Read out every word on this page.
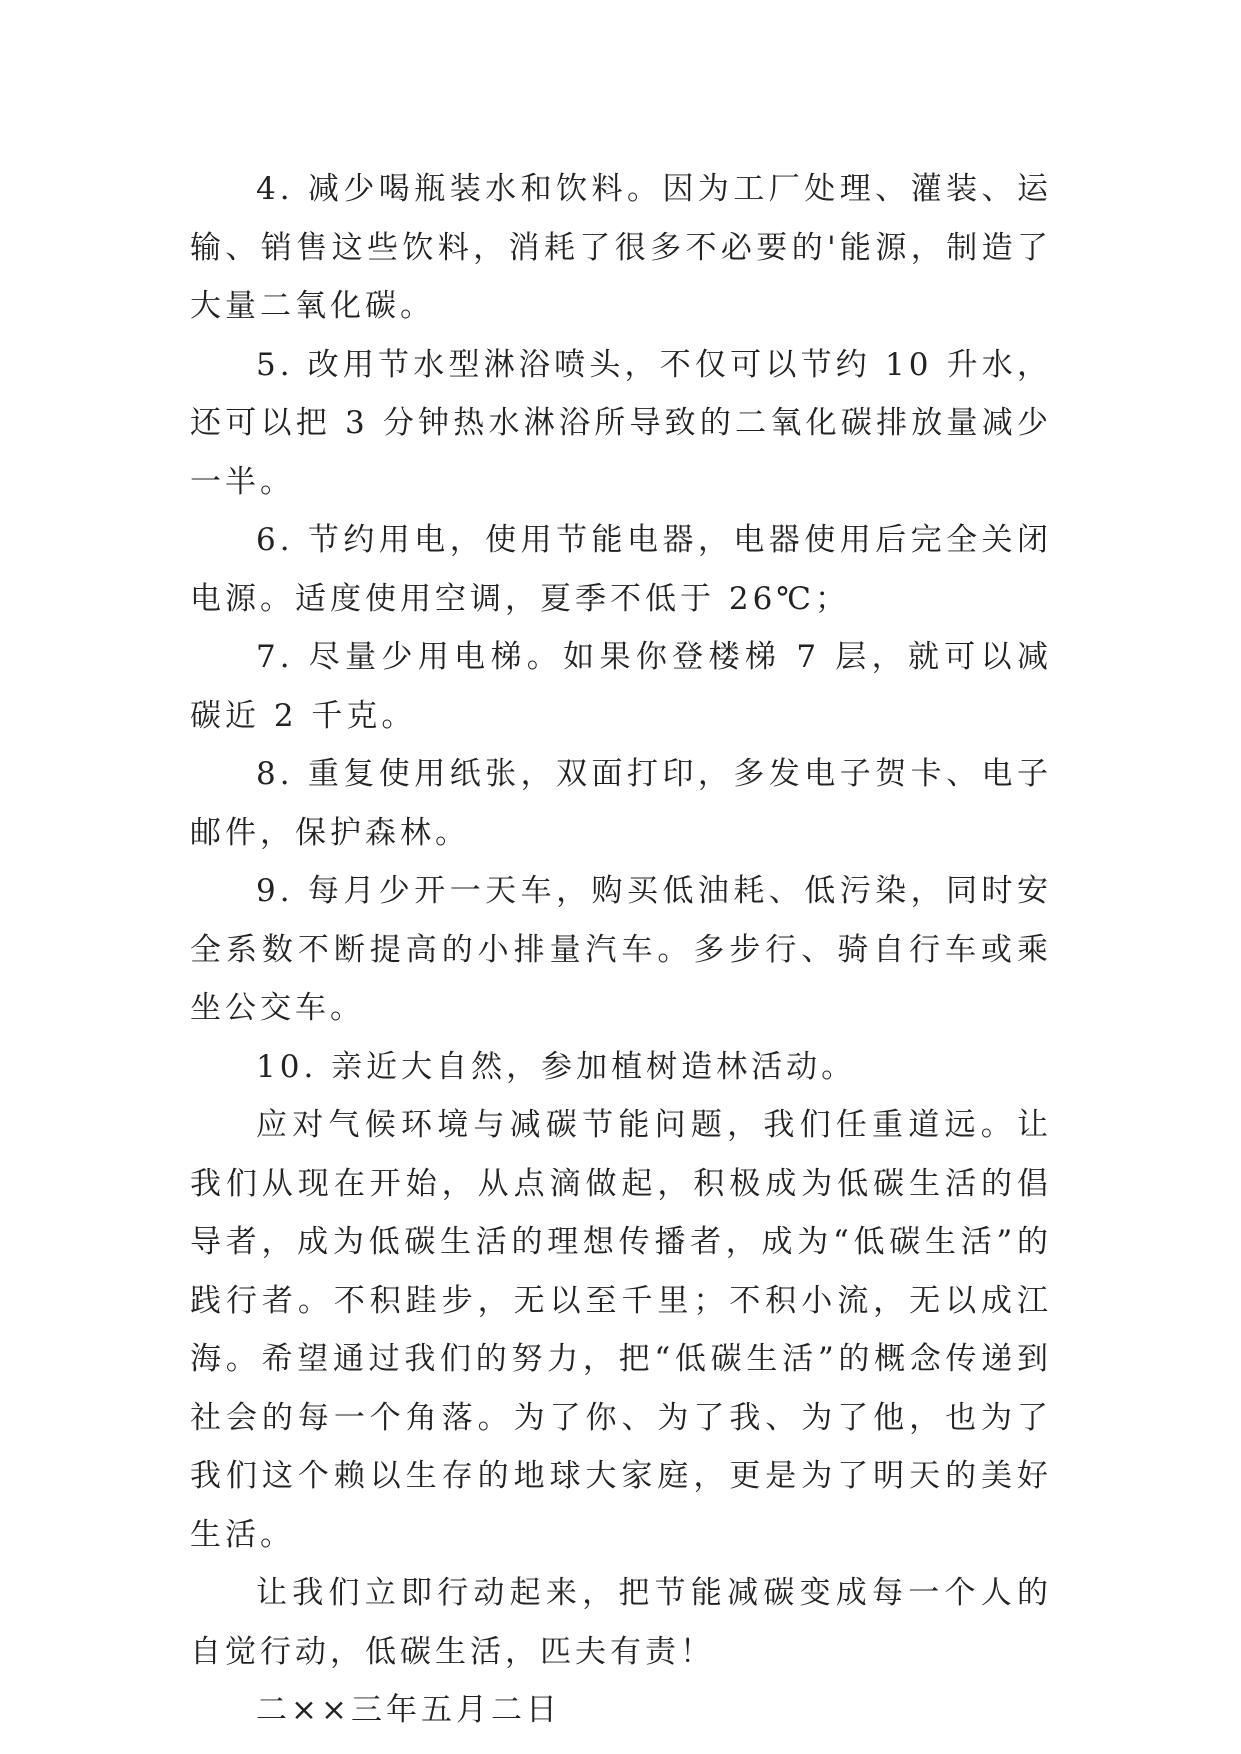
4. 减少喝瓶装水和饮料。因为工厂处理、灌装、运输、销售这些饮料，消耗了很多不必要的'能源，制造了大量二氧化碳。

5. 改用节水型淋浴喷头，不仅可以节约 10 升水，还可以把 3 分钟热水淋浴所导致的二氧化碳排放量减少一半。

6. 节约用电，使用节能电器，电器使用后完全关闭电源。适度使用空调，夏季不低于 26℃；

7. 尽量少用电梯。如果你登楼梯 7 层，就可以减碳近 2 千克。

8. 重复使用纸张，双面打印，多发电子贺卡、电子邮件，保护森林。

9. 每月少开一天车，购买低油耗、低污染，同时安全系数不断提高的小排量汽车。多步行、骑自行车或乘坐公交车。

10. 亲近大自然，参加植树造林活动。

应对气候环境与减碳节能问题，我们任重道远。让我们从现在开始，从点滴做起，积极成为低碳生活的倡导者，成为低碳生活的理想传播者，成为“低碳生活”的践行者。不积跬步，无以至千里；不积小流，无以成江海。希望通过我们的努力，把“低碳生活”的概念传递到社会的每一个角落。为了你、为了我、为了他，也为了我们这个赖以生存的地球大家庭，更是为了明天的美好生活。

让我们立即行动起来，把节能减碳变成每一个人的自觉行动，低碳生活，匹夫有责！

二××三年五月二日
